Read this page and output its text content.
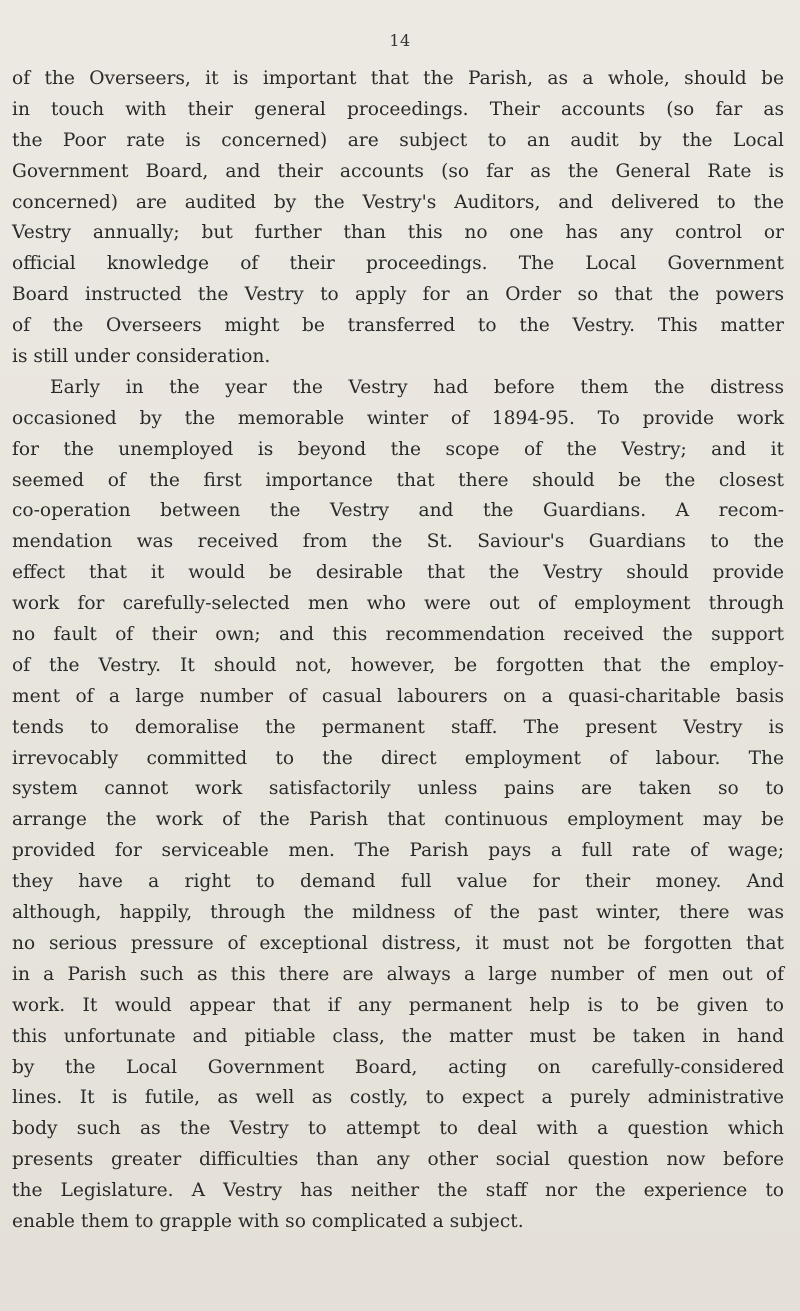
14
of the Overseers, it is important that the Parish, as a whole, should be
in touch with their general proceedings. Their accounts (so far as
the Poor rate is concerned) are subject to an audit by the Local
Government Board, and their accounts (so far as the General Rate is
concerned) are audited by the Vestry's Auditors, and delivered to the
Vestry annually; but further than this no one has any control or
official knowledge of their proceedings. The Local Government
Board instructed the Vestry to apply for an Order so that the powers
of the Overseers might be transferred to the Vestry. This matter
is still under consideration.
Early in the year the Vestry had before them the distress
occasioned by the memorable winter of 1894-95. To provide work
for the unemployed is beyond the scope of the Vestry; and it
seemed of the first importance that there should be the closest
co-operation between the Vestry and the Guardians. A recom-
mendation was received from the St. Saviour's Guardians to the
effect that it would be desirable that the Vestry should provide
work for carefully-selected men who were out of employment through
no fault of their own; and this recommendation received the support
of the Vestry. It should not, however, be forgotten that the employ-
ment of a large number of casual labourers on a quasi-charitable basis
tends to demoralise the permanent staff. The present Vestry is
irrevocably committed to the direct employment of labour. The
system cannot work satisfactorily unless pains are taken so to
arrange the work of the Parish that continuous employment may be
provided for serviceable men. The Parish pays a full rate of wage;
they have a right to demand full value for their money. And
although, happily, through the mildness of the past winter, there was
no serious pressure of exceptional distress, it must not be forgotten that
in a Parish such as this there are always a large number of men out of
work. It would appear that if any permanent help is to be given to
this unfortunate and pitiable class, the matter must be taken in hand
by the Local Government Board, acting on carefully-considered
lines. It is futile, as well as costly, to expect a purely administrative
body such as the Vestry to attempt to deal with a question which
presents greater difficulties than any other social question now before
the Legislature. A Vestry has neither the staff nor the experience to
enable them to grapple with so complicated a subject.
